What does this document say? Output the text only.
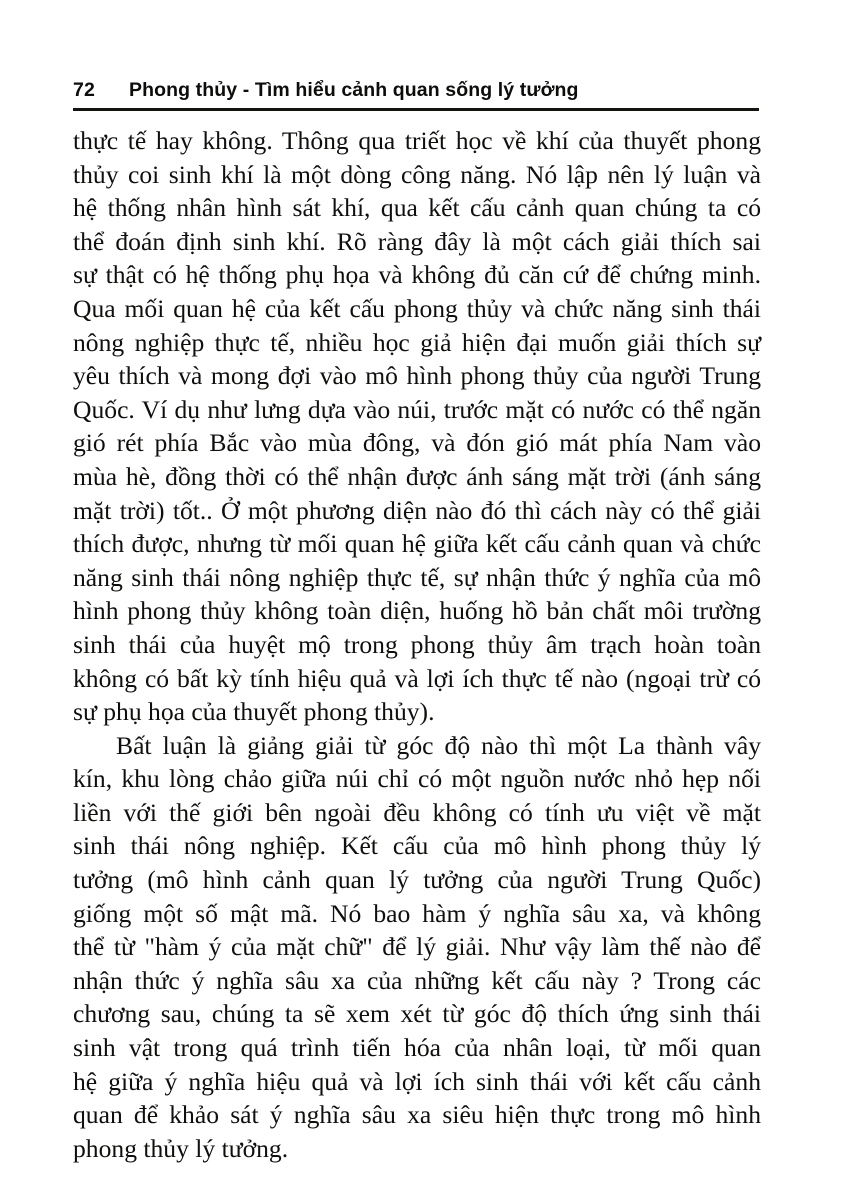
72 Phong thủy - Tìm hiểu cảnh quan sống lý tưởng
thực tế hay không. Thông qua triết học về khí của thuyết phong
thủy coi sinh khí là một dòng công năng. Nó lập nên lý luận và
hệ thống nhân hình sát khí, qua kết cấu cảnh quan chúng ta có
thể đoán định sinh khí. Rõ ràng đây là một cách giải thích sai
sự thật có hệ thống phụ họa và không đủ căn cứ để chứng minh.
Qua mối quan hệ của kết cấu phong thủy và chức năng sinh thái
nông nghiệp thực tế, nhiều học giả hiện đại muốn giải thích sự
yêu thích và mong đợi vào mô hình phong thủy của người Trung
Quốc. Ví dụ như lưng dựa vào núi, trước mặt có nước có thể ngăn
gió rét phía Bắc vào mùa đông, và đón gió mát phía Nam vào
mùa hè, đồng thời có thể nhận được ánh sáng mặt trời (ánh sáng
mặt trời) tốt.. Ở một phương diện nào đó thì cách này có thể giải
thích được, nhưng từ mối quan hệ giữa kết cấu cảnh quan và chức
năng sinh thái nông nghiệp thực tế, sự nhận thức ý nghĩa của mô
hình phong thủy không toàn diện, huống hồ bản chất môi trường
sinh thái của huyệt mộ trong phong thủy âm trạch hoàn toàn
không có bất kỳ tính hiệu quả và lợi ích thực tế nào (ngoại trừ có
sự phụ họa của thuyết phong thủy).
Bất luận là giảng giải từ góc độ nào thì một La thành vây
kín, khu lòng chảo giữa núi chỉ có một nguồn nước nhỏ hẹp nối
liền với thế giới bên ngoài đều không có tính ưu việt về mặt
sinh thái nông nghiệp. Kết cấu của mô hình phong thủy lý
tưởng (mô hình cảnh quan lý tưởng của người Trung Quốc)
giống một số mật mã. Nó bao hàm ý nghĩa sâu xa, và không
thể từ "hàm ý của mặt chữ" để lý giải. Như vậy làm thế nào để
nhận thức ý nghĩa sâu xa của những kết cấu này ? Trong các
chương sau, chúng ta sẽ xem xét từ góc độ thích ứng sinh thái
sinh vật trong quá trình tiến hóa của nhân loại, từ mối quan
hệ giữa ý nghĩa hiệu quả và lợi ích sinh thái với kết cấu cảnh
quan để khảo sát ý nghĩa sâu xa siêu hiện thực trong mô hình
phong thủy lý tưởng.
